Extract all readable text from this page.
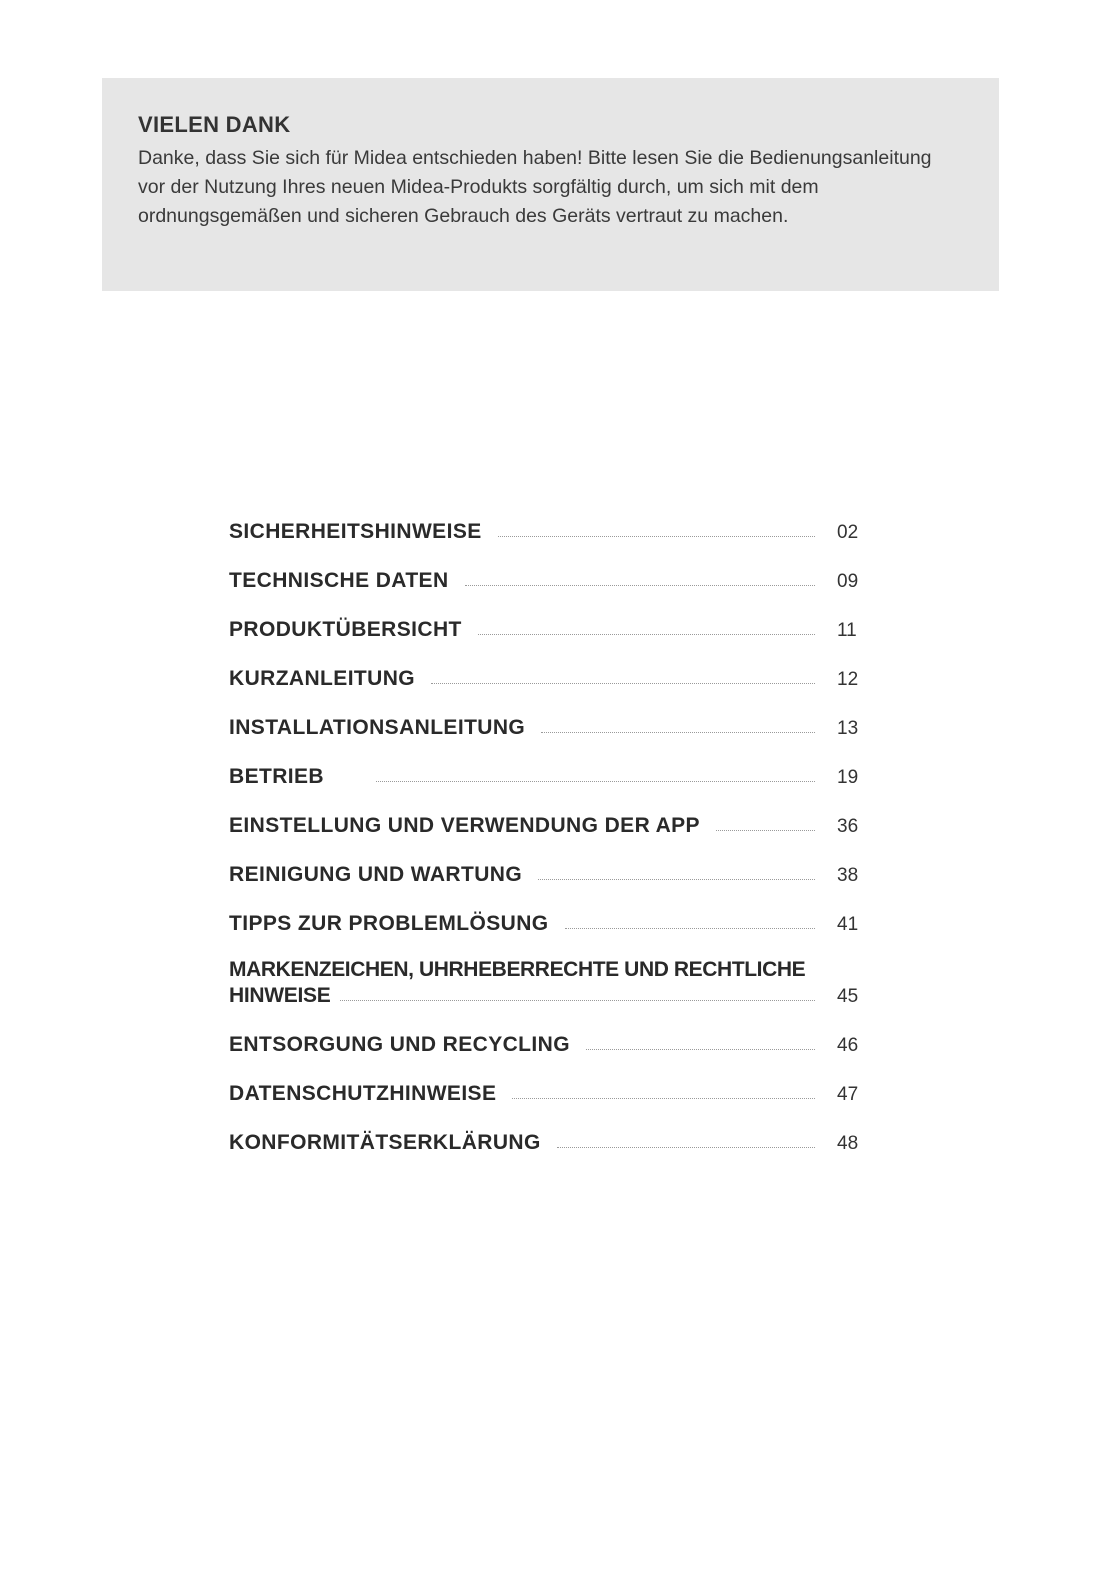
VIELEN DANK

Danke, dass Sie sich für Midea entschieden haben! Bitte lesen Sie die Bedienungsanleitung vor der Nutzung Ihres neuen Midea-Produkts sorgfältig durch, um sich mit dem ordnungsgemäßen und sicheren Gebrauch des Geräts vertraut zu machen.

SICHERHEITSHINWEISE	02
TECHNISCHE DATEN	09
PRODUKTÜBERSICHT	11
KURZANLEITUNG	12
INSTALLATIONSANLEITUNG	13
BETRIEB	19
EINSTELLUNG UND VERWENDUNG DER APP	36
REINIGUNG UND WARTUNG	38
TIPPS ZUR PROBLEMLÖSUNG	41
MARKENZEICHEN, UHRHEBERRECHTE UND RECHTLICHE
HINWEISE	45
ENTSORGUNG UND RECYCLING	46
DATENSCHUTZHINWEISE	47
KONFORMITÄTSERKLÄRUNG	48
